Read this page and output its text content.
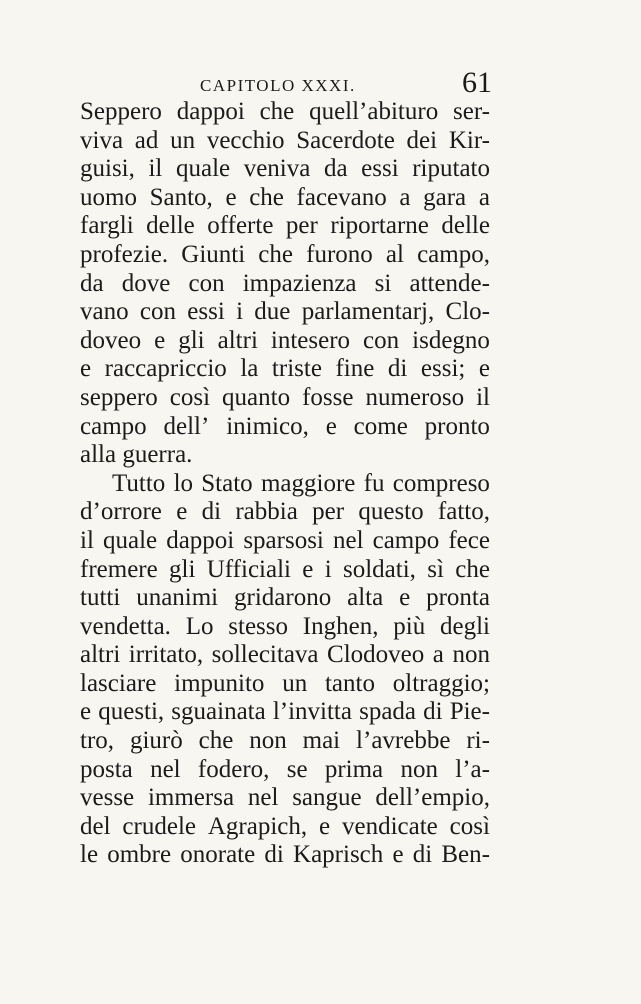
CAPITOLO XXXI.	61
Seppero dappoi che quell’abituro ser-
viva ad un vecchio Sacerdote dei Kir-
guisi, il quale veniva da essi riputato
uomo Santo, e che facevano a gara a
fargli delle offerte per riportarne delle
profezie. Giunti che furono al campo,
da dove con impazienza si attende-
vano con essi i due parlamentarj, Clo-
doveo e gli altri intesero con isdegno
e raccapriccio la triste fine di essi; e
seppero così quanto fosse numeroso il
campo dell’ inimico, e come pronto
alla guerra.
Tutto lo Stato maggiore fu compreso
d’orrore e di rabbia per questo fatto,
il quale dappoi sparsosi nel campo fece
fremere gli Ufficiali e i soldati, sì che
tutti unanimi gridarono alta e pronta
vendetta. Lo stesso Inghen, più degli
altri irritato, sollecitava Clodoveo a non
lasciare impunito un tanto oltraggio;
e questi, sguainata l’invitta spada di Pie-
tro, giurò che non mai l’avrebbe ri-
posta nel fodero, se prima non l’a-
vesse immersa nel sangue dell’empio,
del crudele Agrapich, e vendicate così
le ombre onorate di Kaprisch e di Ben-
